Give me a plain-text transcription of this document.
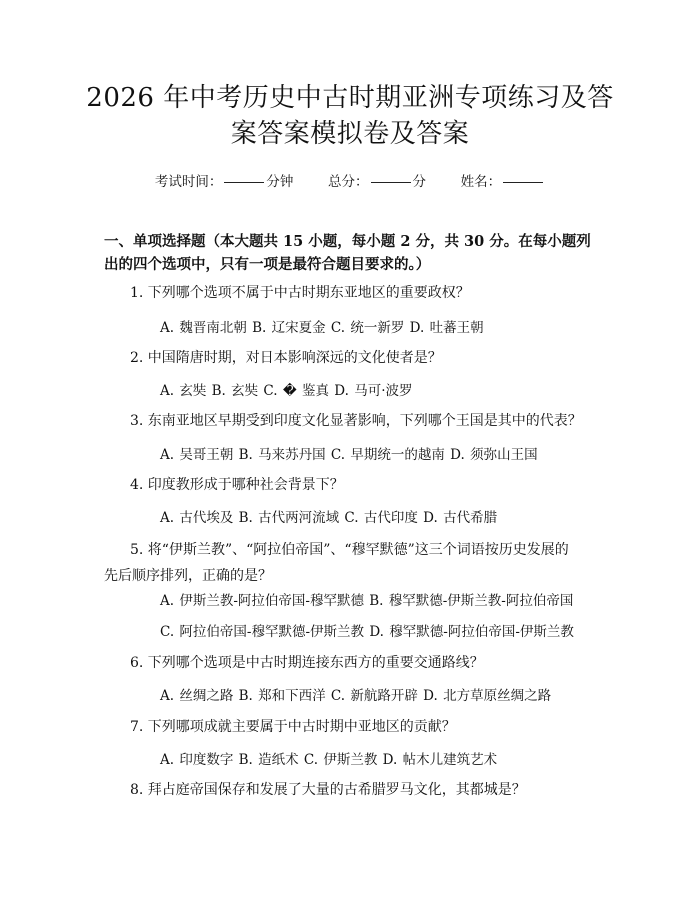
2026 年中考历史中古时期亚洲专项练习及答
案答案模拟卷及答案
考试时间：	分钟	总分：	分	姓名：
一、单项选择题（本大题共 15 小题，每小题 2 分，共 30 分。在每小题列出的四个选项中，只有一项是最符合题目要求的。）
1. 下列哪个选项不属于中古时期东亚地区的重要政权？
A. 魏晋南北朝 B. 辽宋夏金 C. 统一新罗 D. 吐蕃王朝
2. 中国隋唐时期，对日本影响深远的文化使者是？
A. 玄奘 B. 玄奘 C. � 鉴真 D. 马可·波罗
3. 东南亚地区早期受到印度文化显著影响，下列哪个王国是其中的代表？
A. 吴哥王朝 B. 马来苏丹国 C. 早期统一的越南 D. 须弥山王国
4. 印度教形成于哪种社会背景下？
A. 古代埃及 B. 古代两河流域 C. 古代印度 D. 古代希腊
5. 将“伊斯兰教”、“阿拉伯帝国”、“穆罕默德”这三个词语按历史发展的先后顺序排列，正确的是？
A. 伊斯兰教-阿拉伯帝国-穆罕默德 B. 穆罕默德-伊斯兰教-阿拉伯帝国
C. 阿拉伯帝国-穆罕默德-伊斯兰教 D. 穆罕默德-阿拉伯帝国-伊斯兰教
6. 下列哪个选项是中古时期连接东西方的重要交通路线？
A. 丝绸之路 B. 郑和下西洋 C. 新航路开辟 D. 北方草原丝绸之路
7. 下列哪项成就主要属于中古时期中亚地区的贡献？
A. 印度数字 B. 造纸术 C. 伊斯兰教 D. 帖木儿建筑艺术
8. 拜占庭帝国保存和发展了大量的古希腊罗马文化，其都城是？
